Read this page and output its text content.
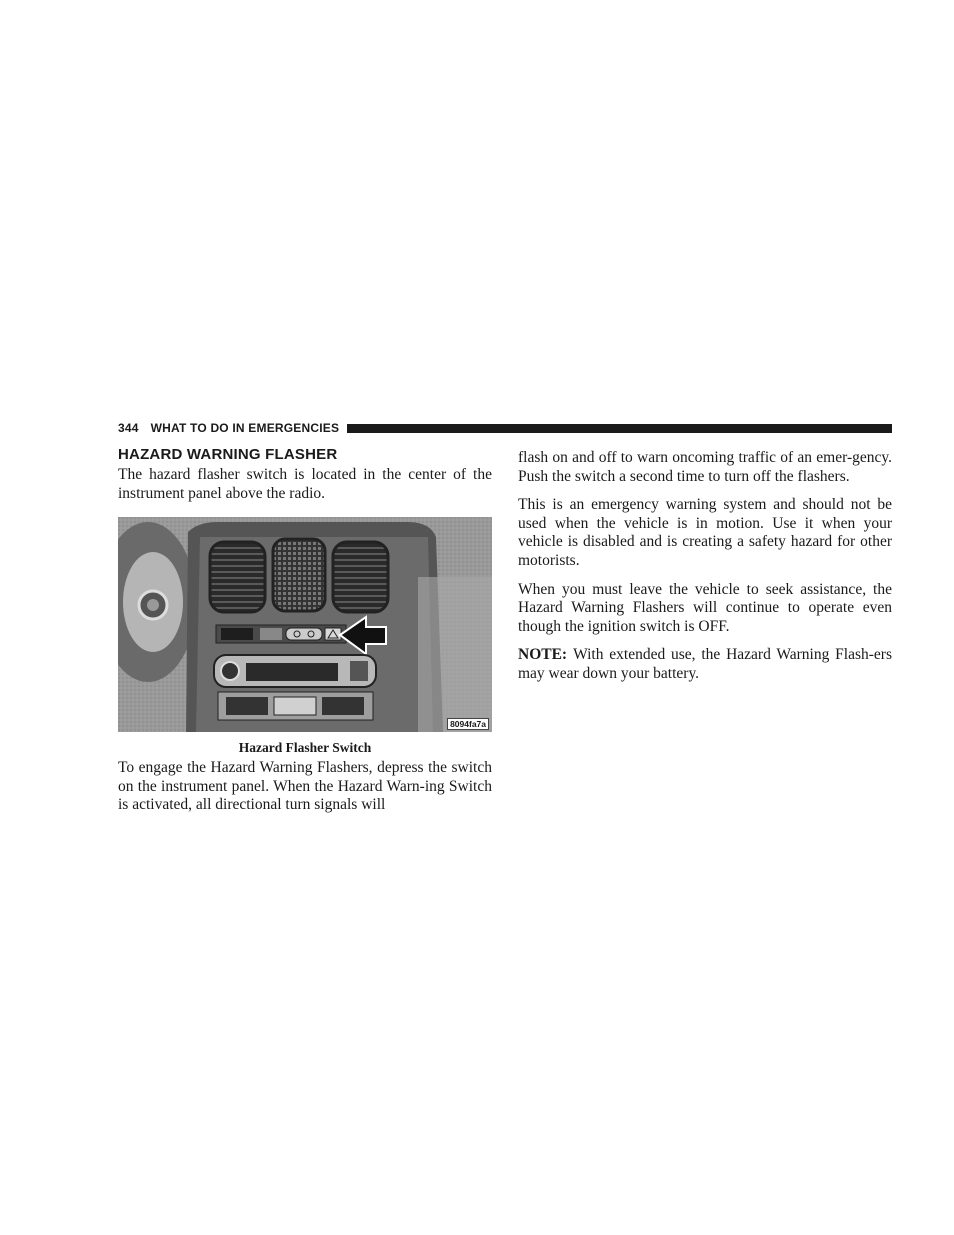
344 WHAT TO DO IN EMERGENCIES
HAZARD WARNING FLASHER

The hazard flasher switch is located in the center of the instrument panel above the radio.

8094fa7a
Hazard Flasher Switch

To engage the Hazard Warning Flashers, depress the switch on the instrument panel. When the Hazard Warn-ing Switch is activated, all directional turn signals will

flash on and off to warn oncoming traffic of an emer-gency. Push the switch a second time to turn off the flashers.

This is an emergency warning system and should not be used when the vehicle is in motion. Use it when your vehicle is disabled and is creating a safety hazard for other motorists.

When you must leave the vehicle to seek assistance, the Hazard Warning Flashers will continue to operate even though the ignition switch is OFF.

NOTE: With extended use, the Hazard Warning Flash-ers may wear down your battery.
